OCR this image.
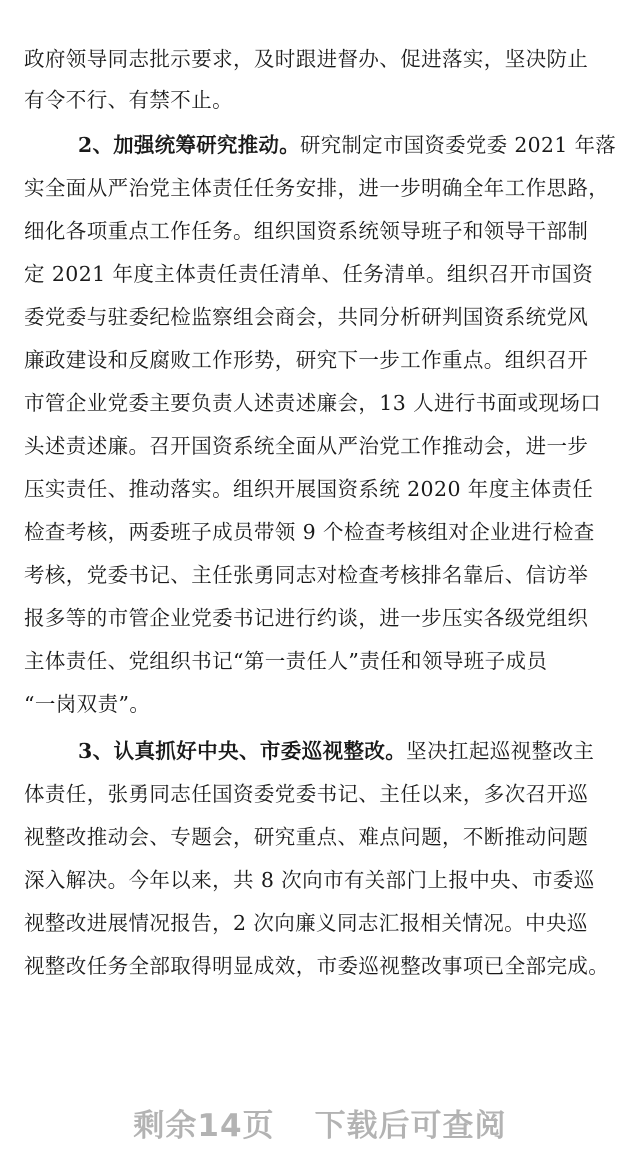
政府领导同志批示要求，及时跟进督办、促进落实，坚决防止
有令不行、有禁不止。
2、加强统筹研究推动。研究制定市国资委党委 2021 年落
实全面从严治党主体责任任务安排，进一步明确全年工作思路，
细化各项重点工作任务。组织国资系统领导班子和领导干部制
定 2021 年度主体责任责任清单、任务清单。组织召开市国资
委党委与驻委纪检监察组会商会，共同分析研判国资系统党风
廉政建设和反腐败工作形势，研究下一步工作重点。组织召开
市管企业党委主要负责人述责述廉会，13 人进行书面或现场口
头述责述廉。召开国资系统全面从严治党工作推动会，进一步
压实责任、推动落实。组织开展国资系统 2020 年度主体责任
检查考核，两委班子成员带领 9 个检查考核组对企业进行检查
考核，党委书记、主任张勇同志对检查考核排名靠后、信访举
报多等的市管企业党委书记进行约谈，进一步压实各级党组织
主体责任、党组织书记“第一责任人”责任和领导班子成员
“一岗双责”。
3、认真抓好中央、市委巡视整改。坚决扛起巡视整改主
体责任，张勇同志任国资委党委书记、主任以来，多次召开巡
视整改推动会、专题会，研究重点、难点问题，不断推动问题
深入解决。今年以来，共 8 次向市有关部门上报中央、市委巡
视整改进展情况报告，2 次向廉义同志汇报相关情况。中央巡
视整改任务全部取得明显成效，市委巡视整改事项已全部完成。
剩余14页 下载后可查阅
